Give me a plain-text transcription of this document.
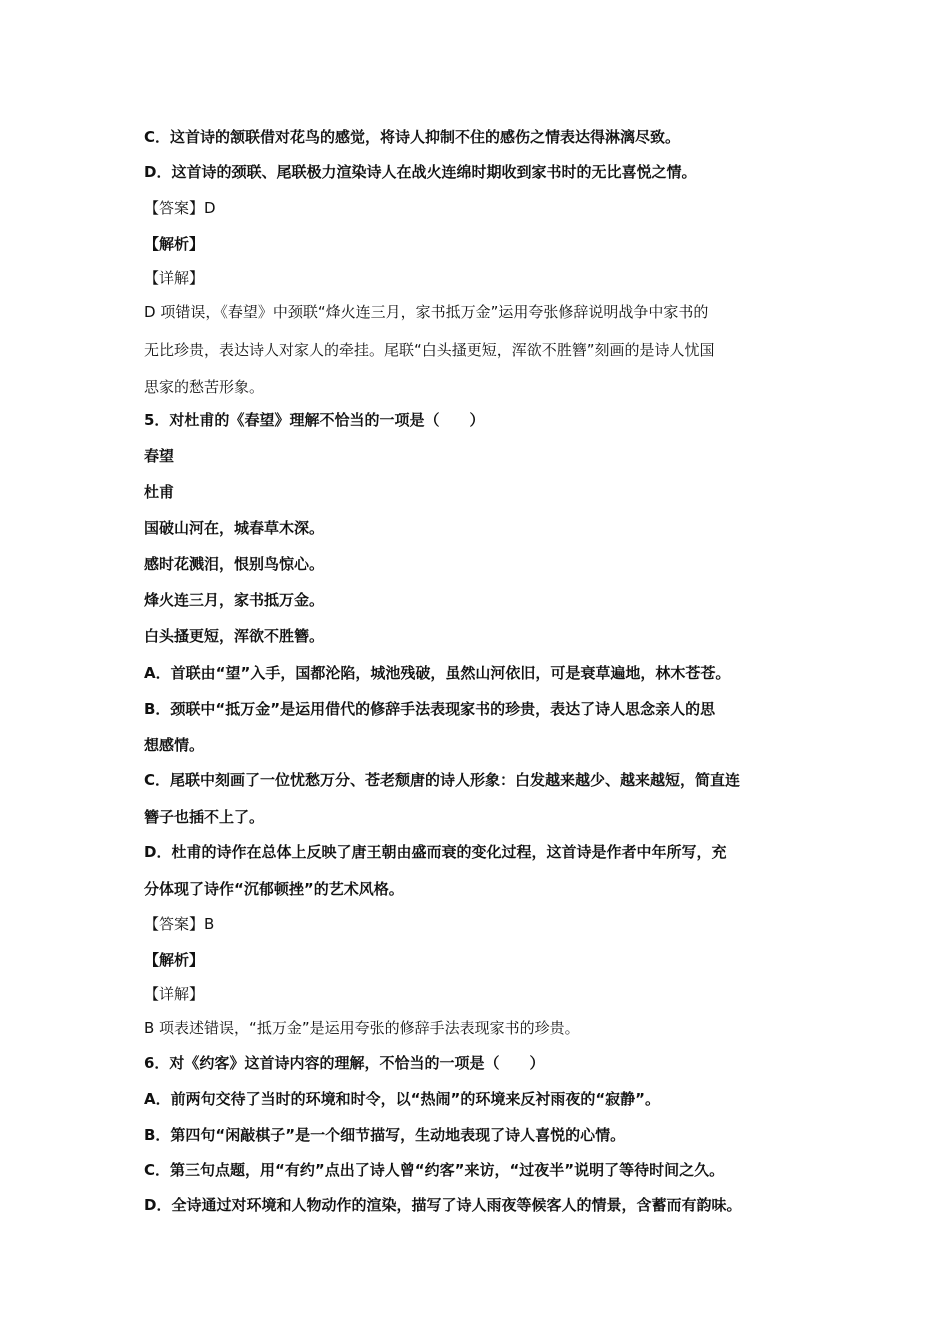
C．这首诗的颔联借对花鸟的感觉，将诗人抑制不住的感伤之情表达得淋漓尽致。
D．这首诗的颈联、尾联极力渲染诗人在战火连绵时期收到家书时的无比喜悦之情。
【答案】D
【解析】
【详解】
D 项错误，《春望》中颈联“烽火连三月，家书抵万金”运用夸张修辞说明战争中家书的
无比珍贵，表达诗人对家人的牵挂。尾联“白头搔更短，浑欲不胜簪”刻画的是诗人忧国
思家的愁苦形象。
5．对杜甫的《春望》理解不恰当的一项是（　　）
春望
杜甫
国破山河在，城春草木深。
感时花溅泪，恨别鸟惊心。
烽火连三月，家书抵万金。
白头搔更短，浑欲不胜簪。
A．首联由“望”入手，国都沦陷，城池残破，虽然山河依旧，可是衰草遍地，林木苍苍。
B．颈联中“抵万金”是运用借代的修辞手法表现家书的珍贵，表达了诗人思念亲人的思
想感情。
C．尾联中刻画了一位忧愁万分、苍老颓唐的诗人形象：白发越来越少、越来越短，简直连
簪子也插不上了。
D．杜甫的诗作在总体上反映了唐王朝由盛而衰的变化过程，这首诗是作者中年所写，充
分体现了诗作“沉郁顿挫”的艺术风格。
【答案】B
【解析】
【详解】
B 项表述错误，“抵万金”是运用夸张的修辞手法表现家书的珍贵。
6．对《约客》这首诗内容的理解，不恰当的一项是（　　）
A．前两句交待了当时的环境和时令，以“热闹”的环境来反衬雨夜的“寂静”。
B．第四句“闲敲棋子”是一个细节描写，生动地表现了诗人喜悦的心情。
C．第三句点题，用“有约”点出了诗人曾“约客”来访，“过夜半”说明了等待时间之久。
D．全诗通过对环境和人物动作的渲染，描写了诗人雨夜等候客人的情景，含蓄而有韵味。
